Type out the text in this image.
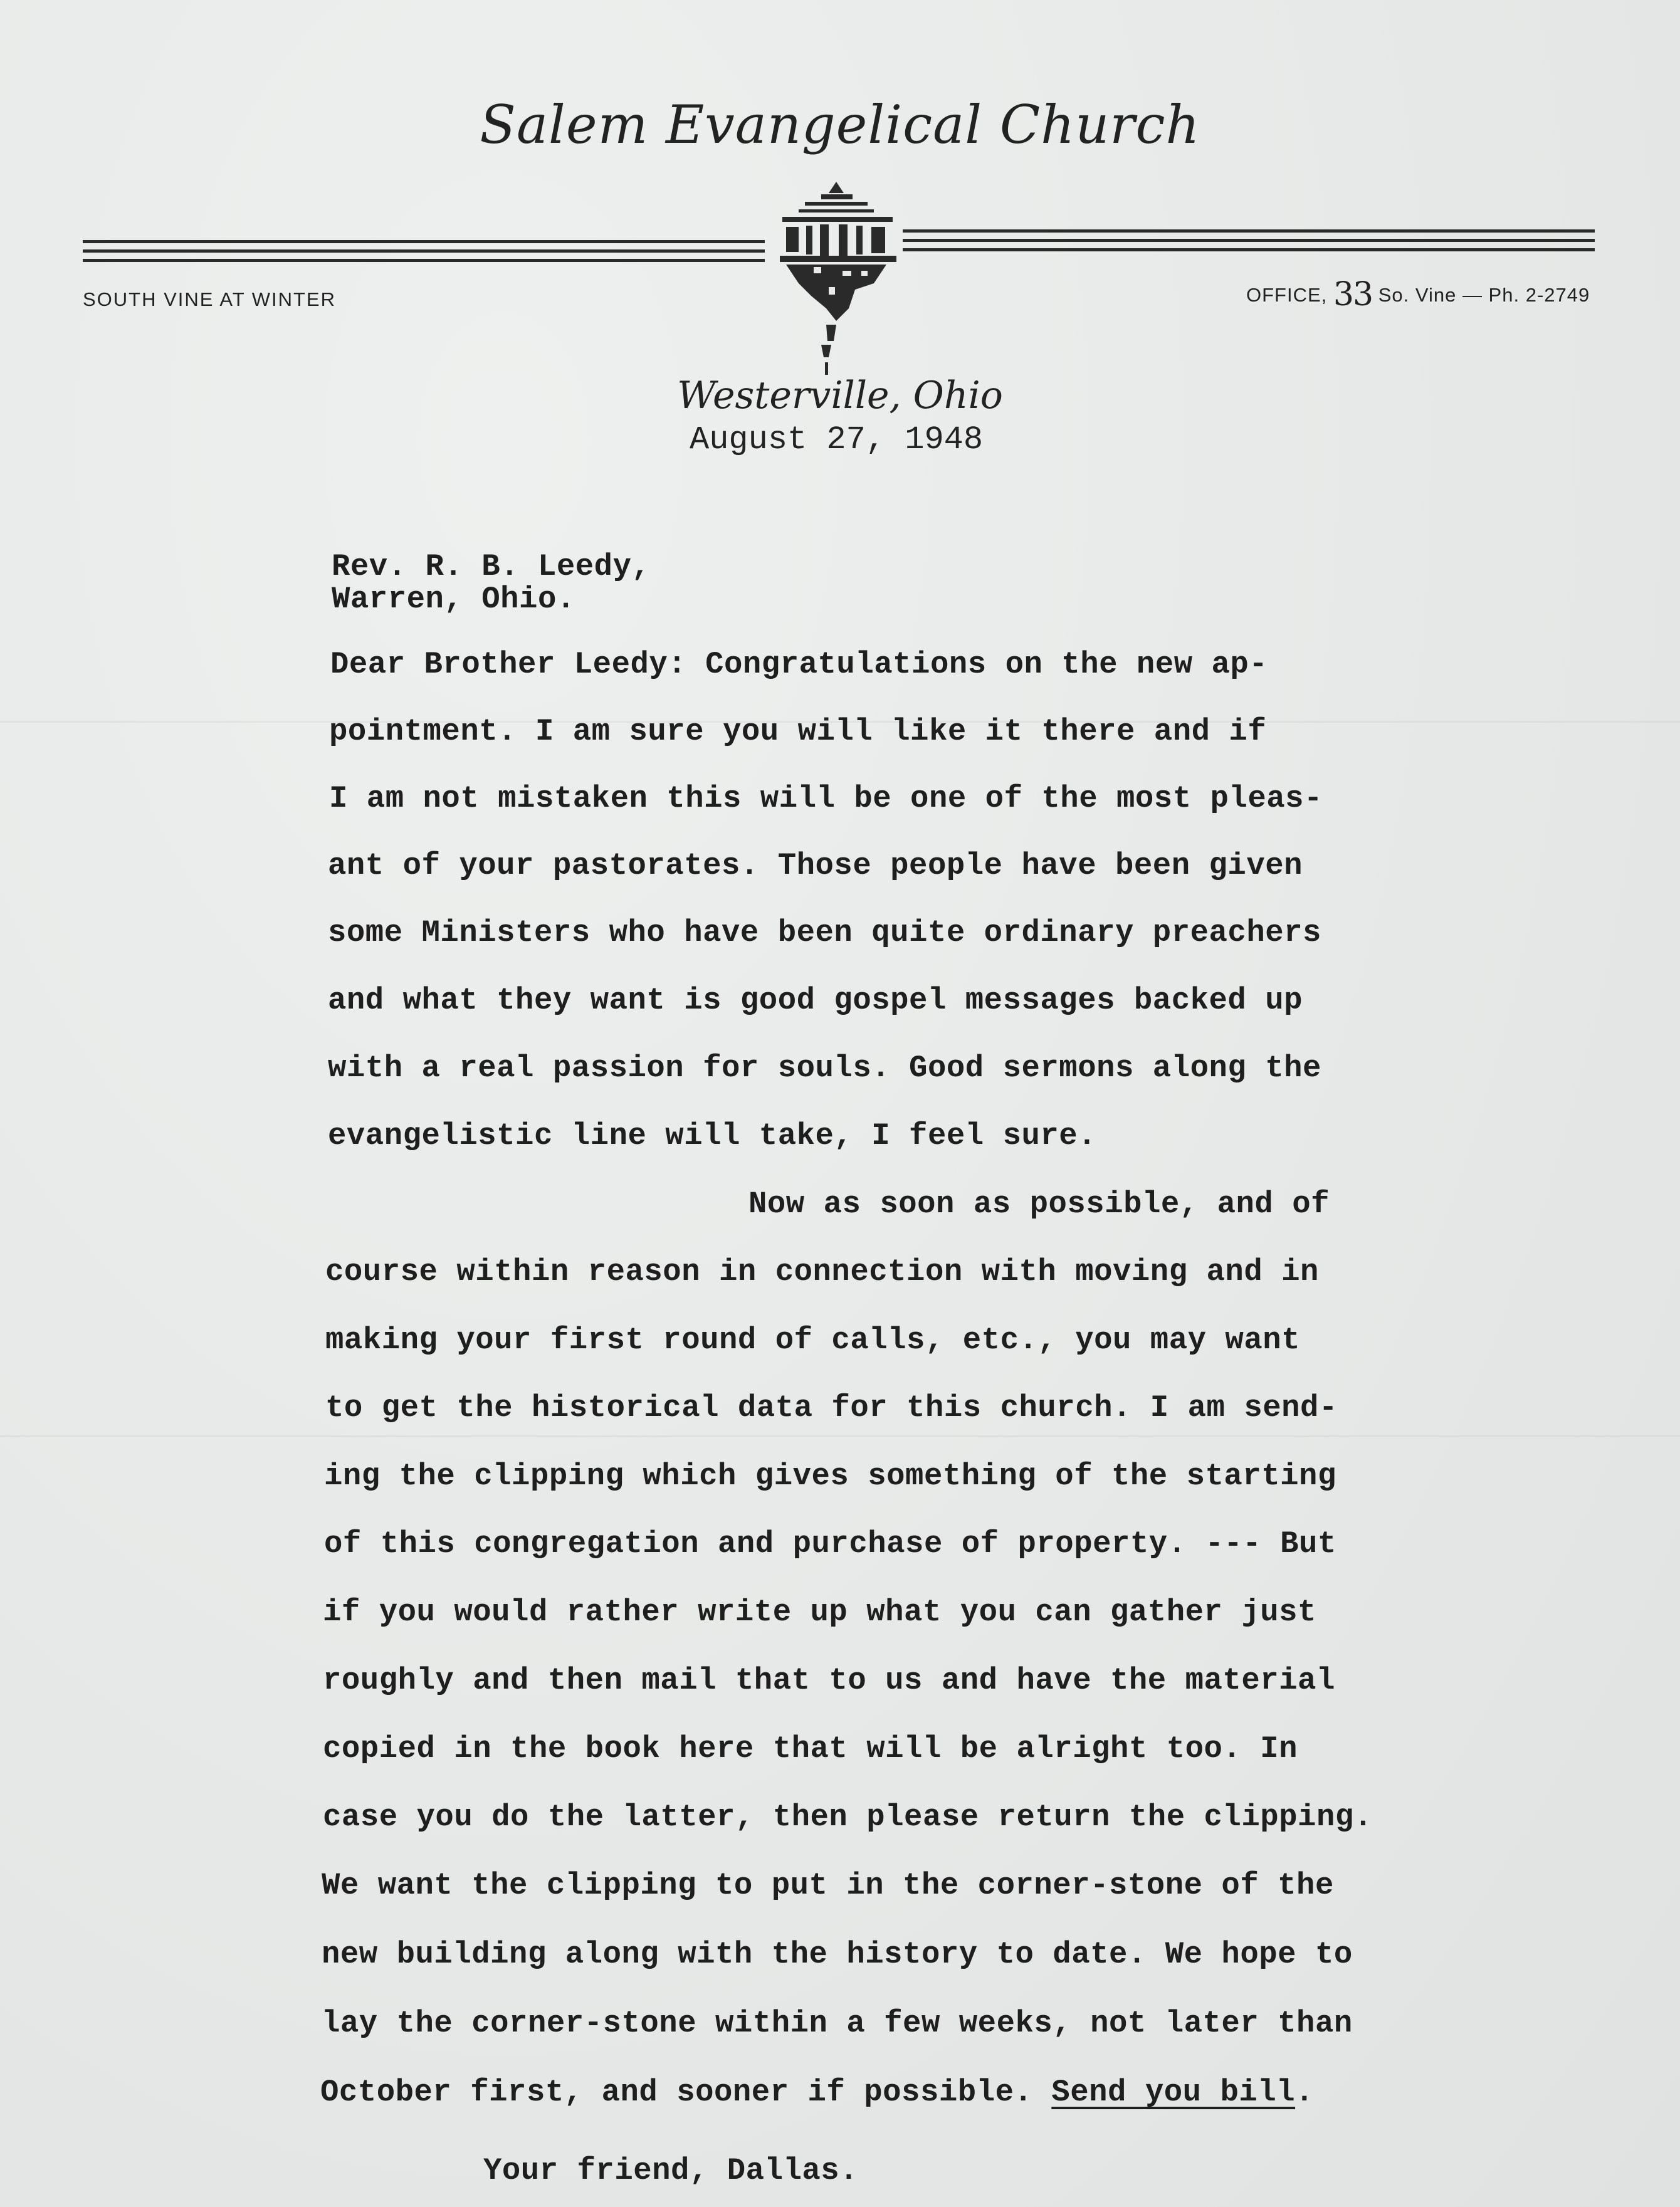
Salem Evangelical Church
SOUTH VINE AT WINTER	OFFICE, 33 So. Vine — Ph. 2-2749
Westerville, Ohio
August 27, 1948
Rev. R. B. Leedy,
Warren, Ohio.
Dear Brother Leedy: Congratulations on the new ap-
pointment. I am sure you will like it there and if
I am not mistaken this will be one of the most pleas-
ant of your pastorates. Those people have been given
some Ministers who have been quite ordinary preachers
and what they want is good gospel messages backed up
with a real passion for souls. Good sermons along the
evangelistic line will take, I feel sure.
Now as soon as possible, and of
course within reason in connection with moving and in
making your first round of calls, etc., you may want
to get the historical data for this church. I am send-
ing the clipping which gives something of the starting
of this congregation and purchase of property. --- But
if you would rather write up what you can gather just
roughly and then mail that to us and have the material
copied in the book here that will be alright too. In
case you do the latter, then please return the clipping.
We want the clipping to put in the corner-stone of the
new building along with the history to date. We hope to
lay the corner-stone within a few weeks, not later than
October first, and sooner if possible. Send you bill.
Your friend, Dallas.
